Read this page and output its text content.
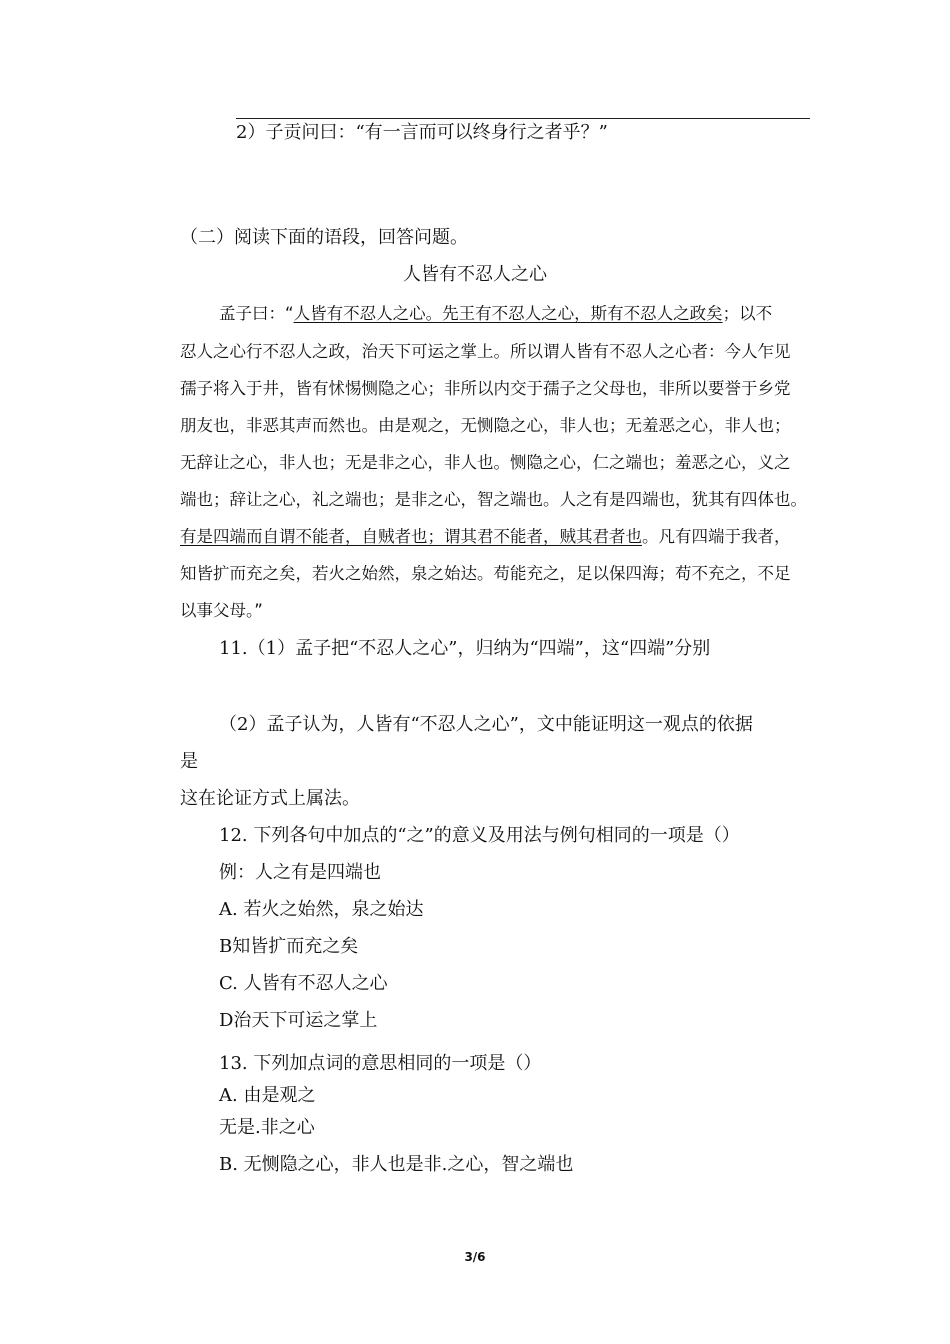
2）子贡问曰：“有一言而可以终身行之者乎？”
（二）阅读下面的语段，回答问题。
人皆有不忍人之心
孟子曰：“人皆有不忍人之心。先王有不忍人之心，斯有不忍人之政矣；以不
忍人之心行不忍人之政，治天下可运之掌上。所以谓人皆有不忍人之心者：今人乍见
孺子将入于井，皆有怵惕恻隐之心；非所以内交于孺子之父母也，非所以要誉于乡党
朋友也，非恶其声而然也。由是观之，无恻隐之心，非人也；无羞恶之心，非人也；
无辞让之心，非人也；无是非之心，非人也。恻隐之心，仁之端也；羞恶之心，义之
端也；辞让之心，礼之端也；是非之心，智之端也。人之有是四端也，犹其有四体也。
有是四端而自谓不能者，自贼者也；谓其君不能者，贼其君者也。凡有四端于我者，
知皆扩而充之矣，若火之始然，泉之始达。苟能充之，足以保四海；苟不充之，不足
以事父母。”
11.（1）孟子把“不忍人之心”，归纳为“四端”，这“四端”分别
（2）孟子认为，人皆有“不忍人之心”，文中能证明这一观点的依据
是
这在论证方式上属法。
12. 下列各句中加点的“之”的意义及用法与例句相同的一项是（）
例：人之有是四端也
A. 若火之始然，泉之始达
B知皆扩而充之矣
C. 人皆有不忍人之心
D治天下可运之掌上
13. 下列加点词的意思相同的一项是（）
A. 由是观之
无是.非之心
B. 无恻隐之心，非人也是非.之心，智之端也
3/6
